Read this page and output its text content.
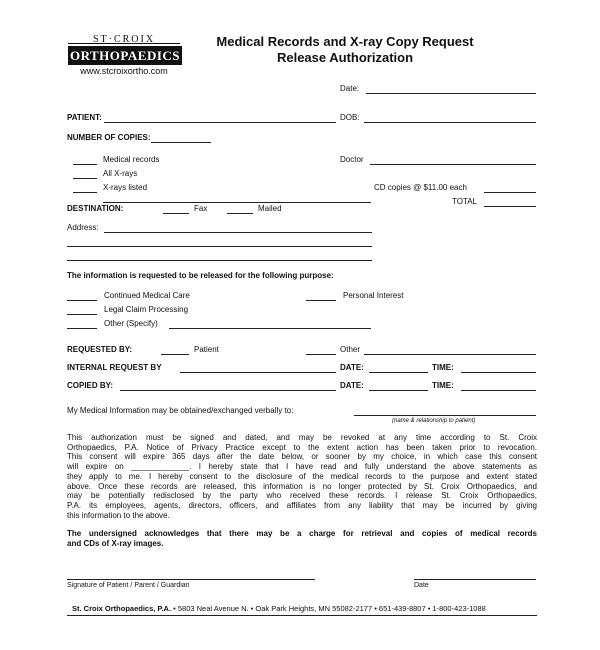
ST·CROIX
ORTHOPAEDICS
www.stcroixortho.com
Medical Records and X-ray Copy Request
Release Authorization
Date:
PATIENT:	DOB:
NUMBER OF COPIES:
Medical records	Doctor
All X-rays
X-rays listed	CD copies @ $11.00 each
TOTAL
DESTINATION:	Fax	Mailed
Address:
The information is requested to be released for the following purpose:
Continued Medical Care	Personal Interest
Legal Claim Processing
Other (Specify)
REQUESTED BY:	Patient	Other
INTERNAL REQUEST BY	DATE:	TIME:
COPIED BY:	DATE:	TIME:
My Medical Information may be obtained/exchanged verbally to:
(name & relationship to patient)
This authorization must be signed and dated, and may be revoked at any time according to St. Croix
Orthopaedics, P.A. Notice of Privacy Practice except to the extent action has been taken prior to revocation.
This consent will expire 365 days after the date below, or sooner by my choice, in which case this consent
will expire on _____________. I hereby state that I have read and fully understand the above statements as
they apply to me. I hereby consent to the disclosure of the medical records to the purpose and extent stated
above. Once these records are released, this information is no longer protected by St. Croix Orthopaedics, and
may be potentially redisclosed by the party who received these records. I release St. Croix Orthopaedics,
P.A. its employees, agents, directors, officers, and affiliates from any liability that may be incurred by giving
this information to the above.
The undersigned acknowledges that there may be a charge for retrieval and copies of medical records
and CDs of X-ray images.
Signature of Patient / Parent / Guardian	Date
St. Croix Orthopaedics, P.A. • 5803 Neal Avenue N. • Oak Park Heights, MN 55082-2177 • 651-439-8807 • 1-800-423-1088
